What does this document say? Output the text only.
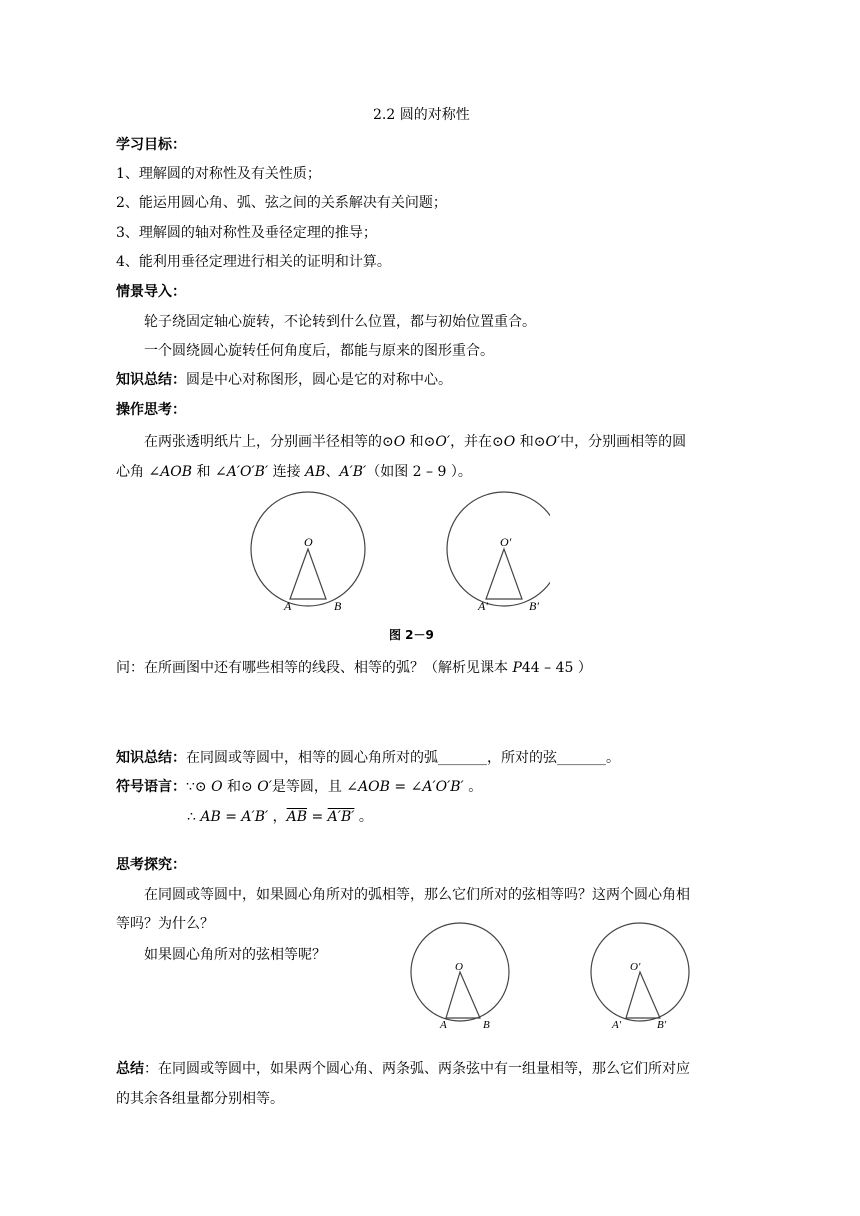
2.2 圆的对称性
学习目标：
1、理解圆的对称性及有关性质；
2、能运用圆心角、弧、弦之间的关系解决有关问题；
3、理解圆的轴对称性及垂径定理的推导；
4、能利用垂径定理进行相关的证明和计算。
情景导入：
轮子绕固定轴心旋转，不论转到什么位置，都与初始位置重合。
一个圆绕圆心旋转任何角度后，都能与原来的图形重合。
知识总结：圆是中心对称图形，圆心是它的对称中心。
操作思考：
在两张透明纸片上，分别画半径相等的⊙O 和⊙O′，并在⊙O 和⊙O′中，分别画相等的圆
心角 ∠AOB 和 ∠A′O′B′ 连接 AB、A′B′（如图 2 – 9 ）。
O
A	B
O′
A′	B′
图 2－9
问：在所画图中还有哪些相等的线段、相等的弧？（解析见课本 P44 – 45 ）
知识总结：在同圆或等圆中，相等的圆心角所对的弧_______，所对的弦_______。
符号语言：∵⊙ O 和⊙ O′是等圆，且 ∠AOB = ∠A′O′B′ 。
∴ AB = A′B′ ，$\overline{AB} = A'B'$ 。
思考探究：
在同圆或等圆中，如果圆心角所对的弧相等，那么它们所对的弦相等吗？这两个圆心角相
等吗？为什么？
如果圆心角所对的弦相等呢？
O
A	B
O′
A′	B′
总结：在同圆或等圆中，如果两个圆心角、两条弧、两条弦中有一组量相等，那么它们所对应
的其余各组量都分别相等。
